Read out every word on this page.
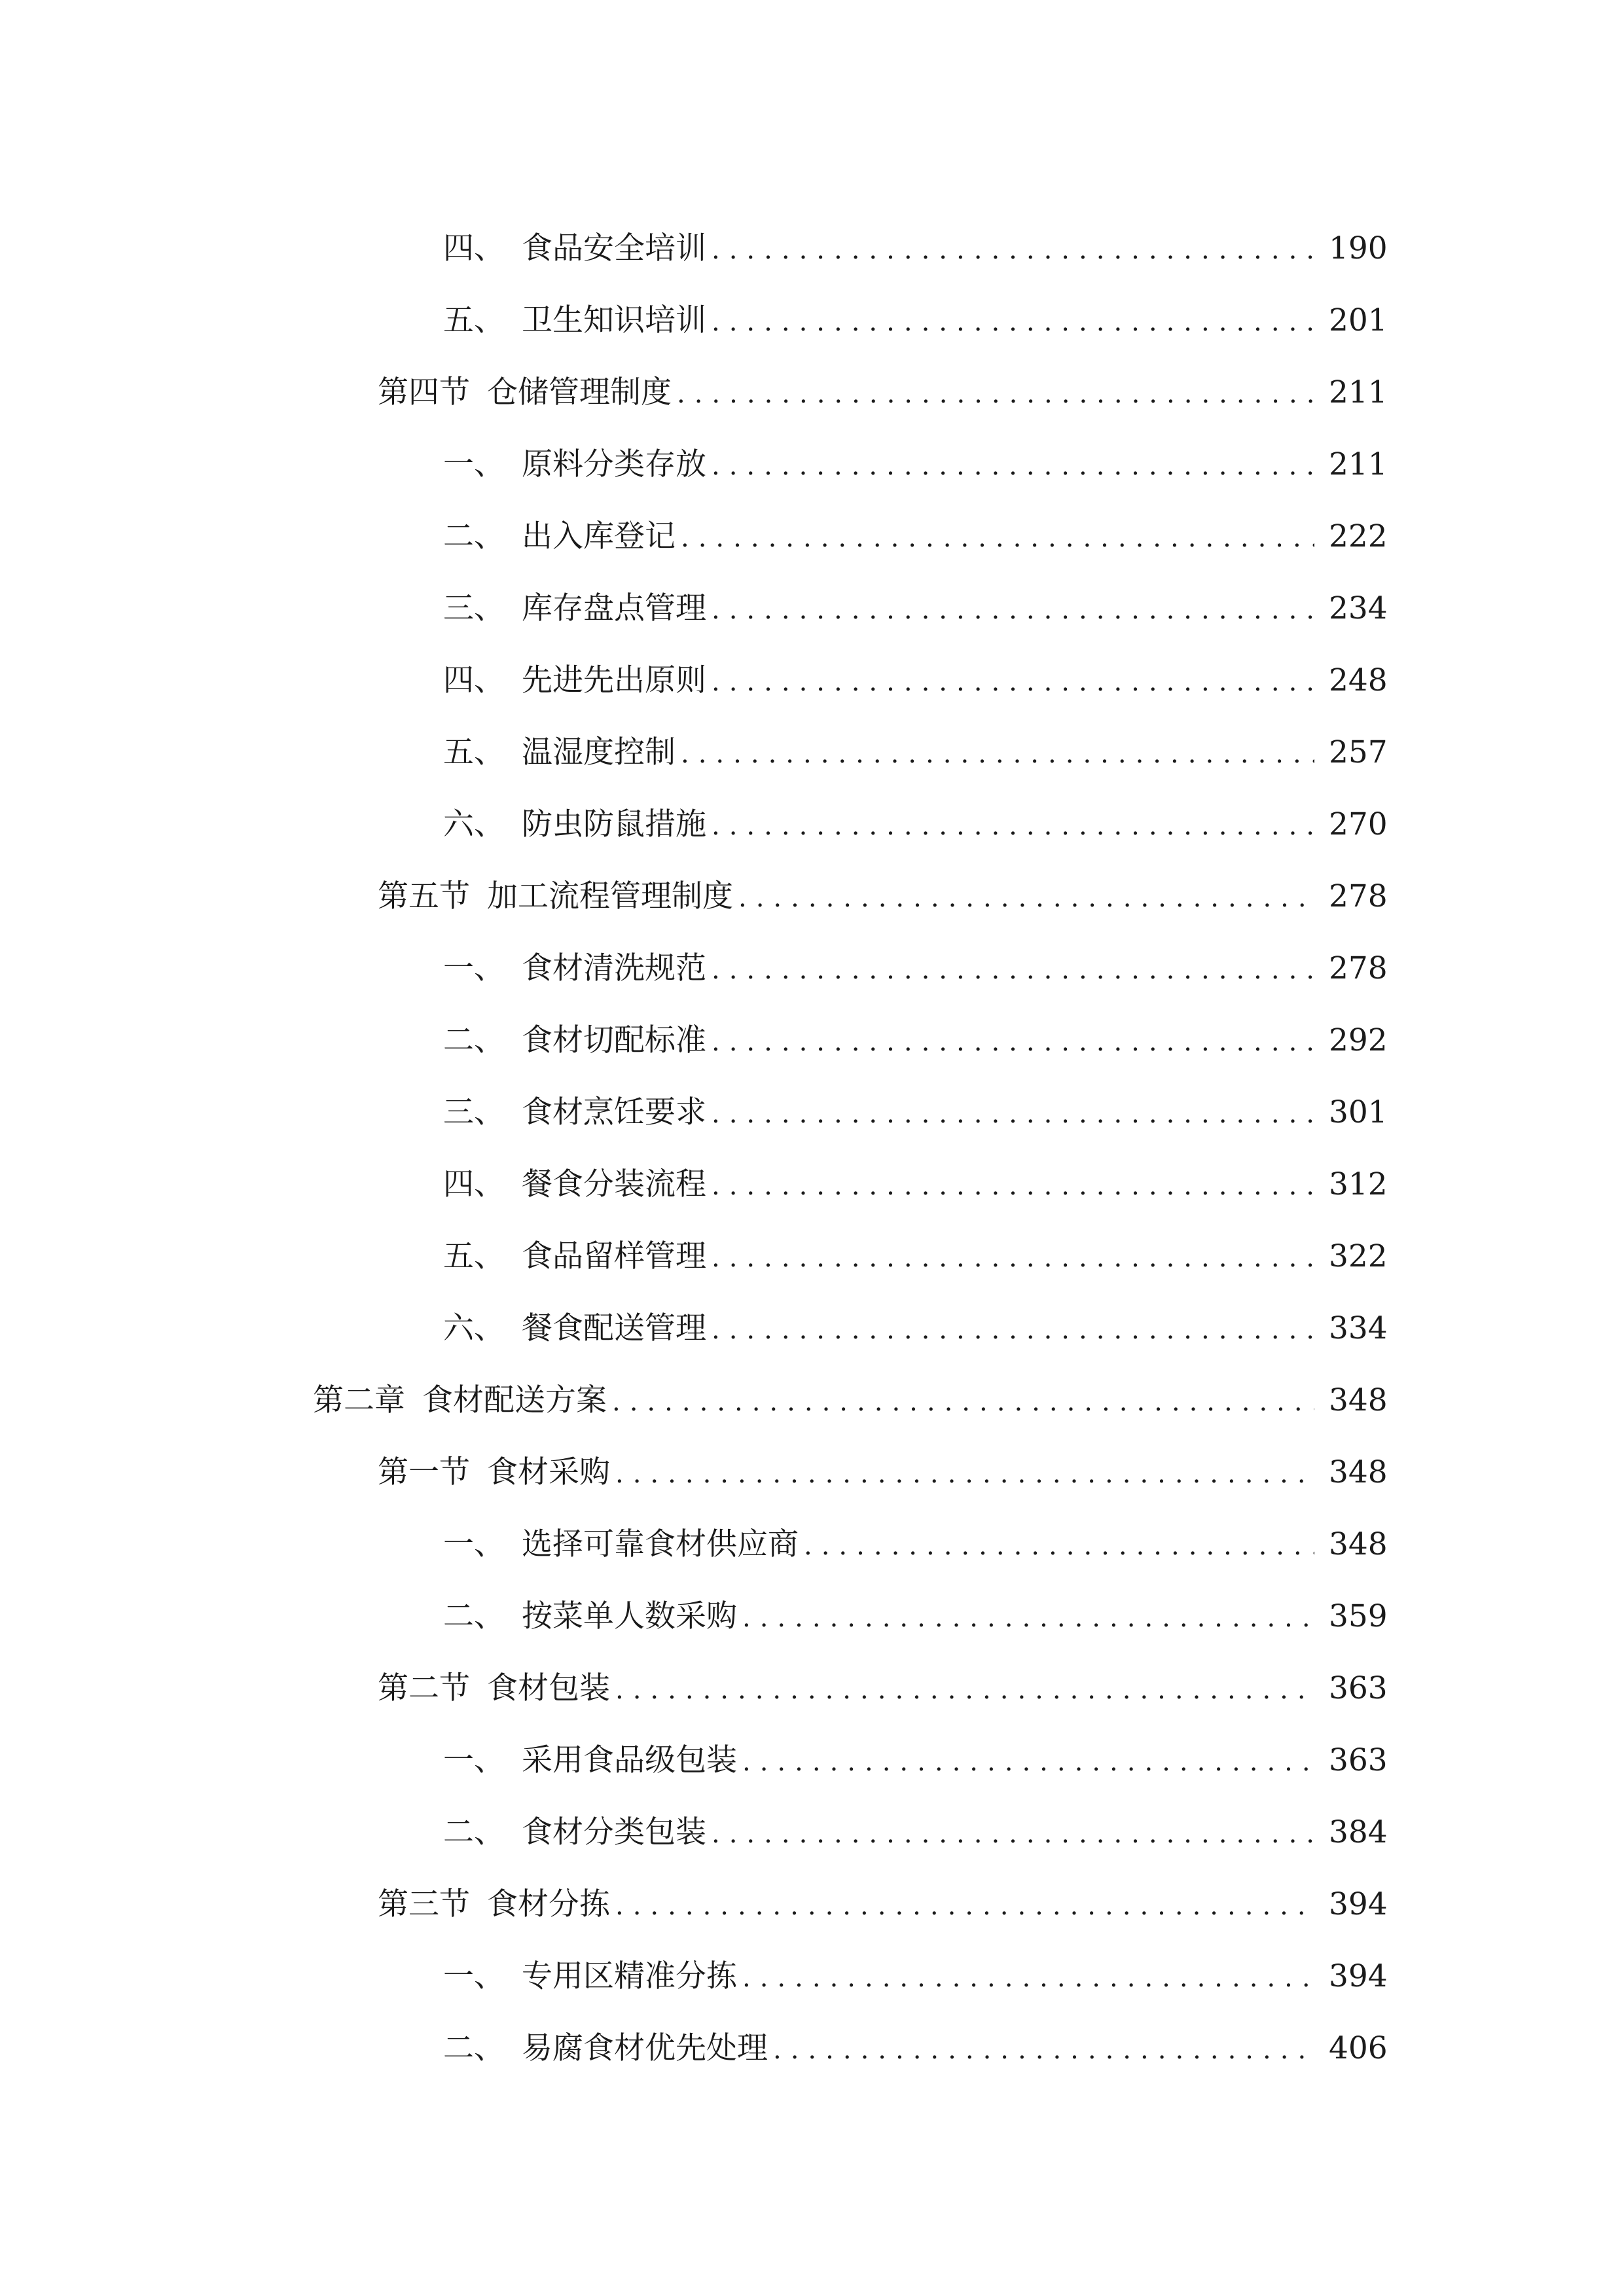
四、 食品安全培训 .....	190
五、 卫生知识培训 .....	201
第四节 仓储管理制度 .....	211
一、 原料分类存放 .....	211
二、 出入库登记 .....	222
三、 库存盘点管理 .....	234
四、 先进先出原则 .....	248
五、 温湿度控制 .....	257
六、 防虫防鼠措施 .....	270
第五节 加工流程管理制度 .....	278
一、 食材清洗规范 .....	278
二、 食材切配标准 .....	292
三、 食材烹饪要求 .....	301
四、 餐食分装流程 .....	312
五、 食品留样管理 .....	322
六、 餐食配送管理 .....	334
第二章 食材配送方案 .....	348
第一节 食材采购 .....	348
一、 选择可靠食材供应商 .....	348
二、 按菜单人数采购 .....	359
第二节 食材包装 .....	363
一、 采用食品级包装 .....	363
二、 食材分类包装 .....	384
第三节 食材分拣 .....	394
一、 专用区精准分拣 .....	394
二、 易腐食材优先处理 .....	406
